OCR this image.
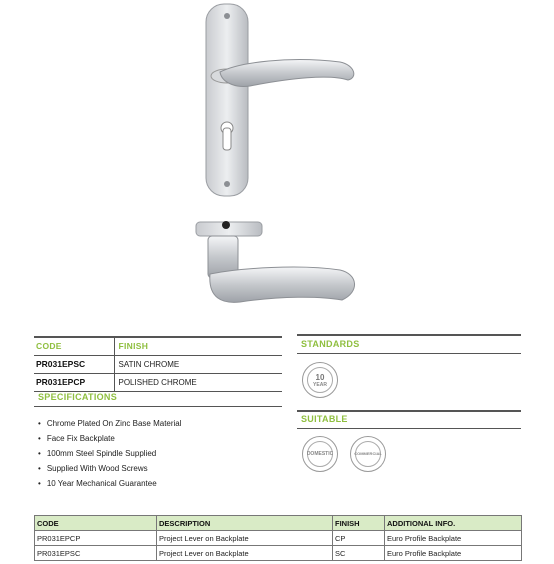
CODE	FINISH
PR031EPSC	SATIN CHROME
PR031EPCP	POLISHED CHROME
SPECIFICATIONS
• Chrome Plated On Zinc Base Material
• Face Fix Backplate
• 100mm Steel Spindle Supplied
• Supplied With Wood Screws
• 10 Year Mechanical Guarantee
STANDARDS
10
YEAR
SUITABLE
DOMESTIC	COMMERCIAL
CODE	DESCRIPTION	FINISH	ADDITIONAL INFO.
PR031EPCP	Project Lever on Backplate	CP	Euro Profile Backplate
PR031EPSC	Project Lever on Backplate	SC	Euro Profile Backplate
